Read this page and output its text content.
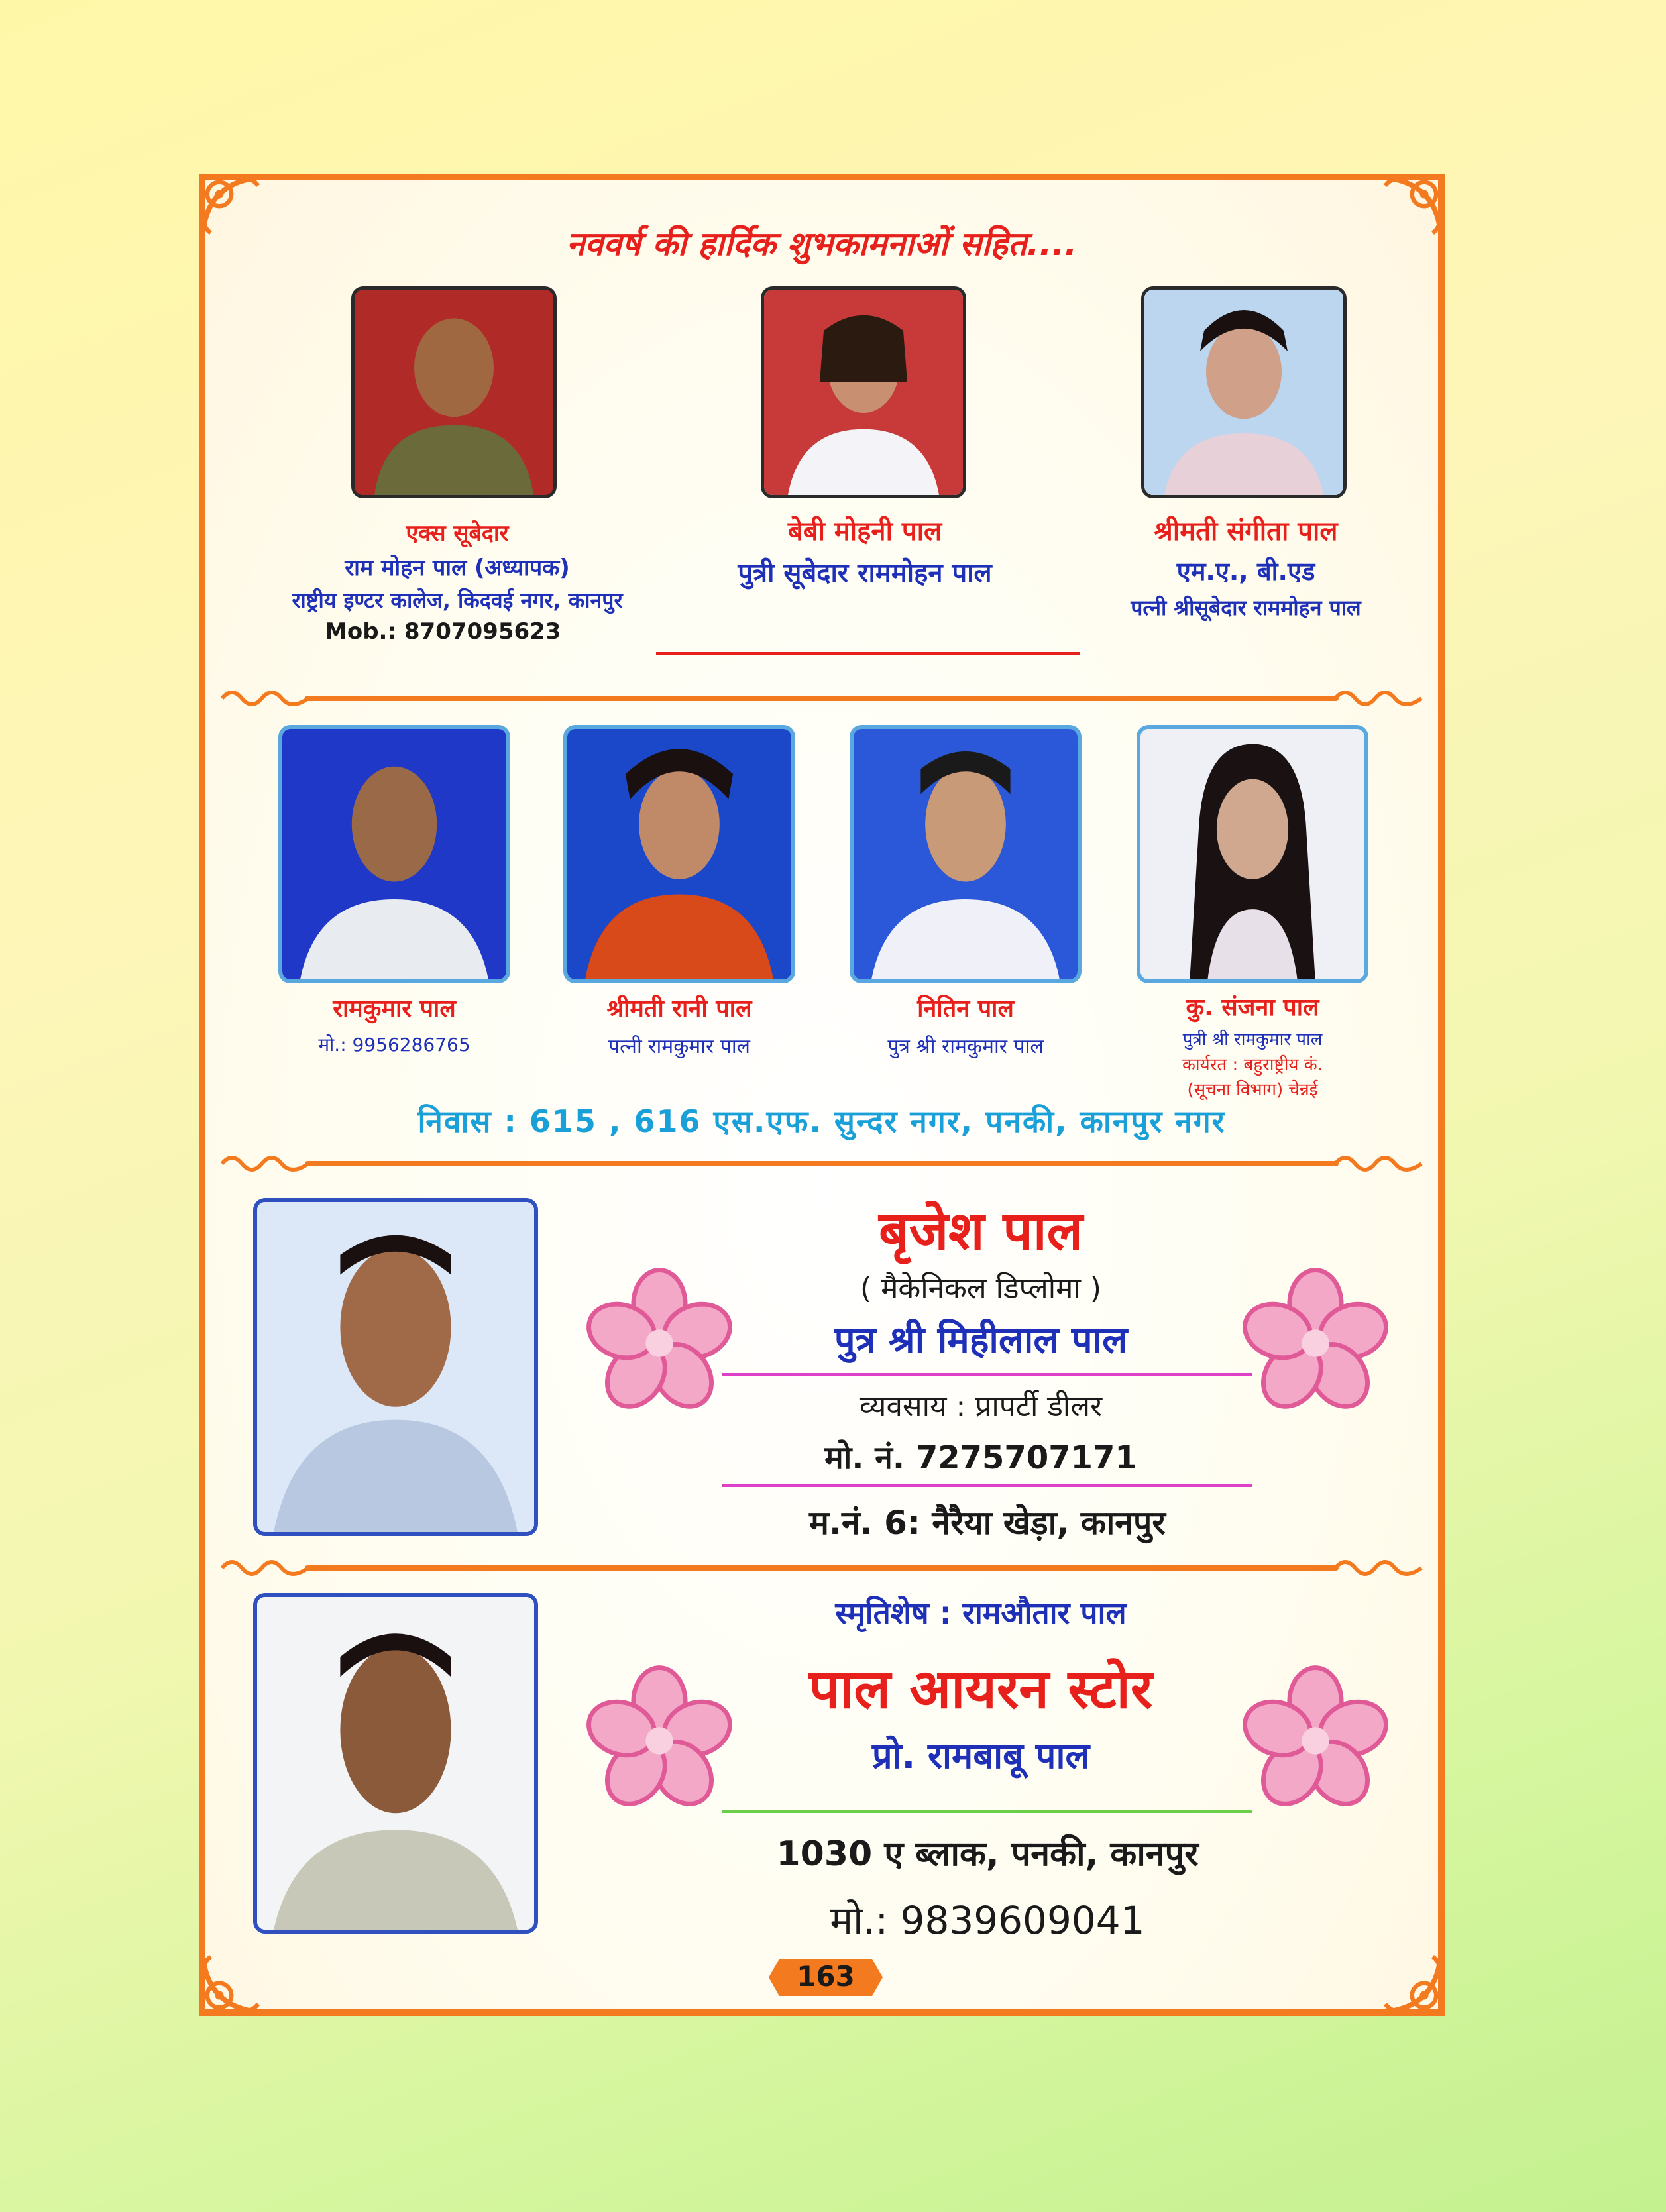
नववर्ष की हार्दिक शुभकामनाओं सहित....
एक्स सूबेदार
राम मोहन पाल (अध्यापक)
राष्ट्रीय इण्टर कालेज, किदवई नगर, कानपुर
Mob.: 8707095623
बेबी मोहनी पाल
पुत्री सूबेदार राममोहन पाल
श्रीमती संगीता पाल
एम.ए., बी.एड
पत्नी श्रीसूबेदार राममोहन पाल
रामकुमार पाल
मो.: 9956286765
श्रीमती रानी पाल
पत्नी रामकुमार पाल
नितिन पाल
पुत्र श्री रामकुमार पाल
कु. संजना पाल
पुत्री श्री रामकुमार पाल
कार्यरत : बहुराष्ट्रीय कं.
(सूचना विभाग) चेन्नई
निवास : 615 , 616 एस.एफ. सुन्दर नगर, पनकी, कानपुर नगर
बृजेश पाल
( मैकेनिकल डिप्लोमा )
पुत्र श्री मिहीलाल पाल
व्यवसाय : प्रापर्टी डीलर
मो. नं. 7275707171
म.नं. 6: नैरैया खेड़ा, कानपुर
स्मृतिशेष : रामऔतार पाल
पाल आयरन स्टोर
प्रो. रामबाबू पाल
1030 ए ब्लाक, पनकी, कानपुर
मो.: 9839609041
163
